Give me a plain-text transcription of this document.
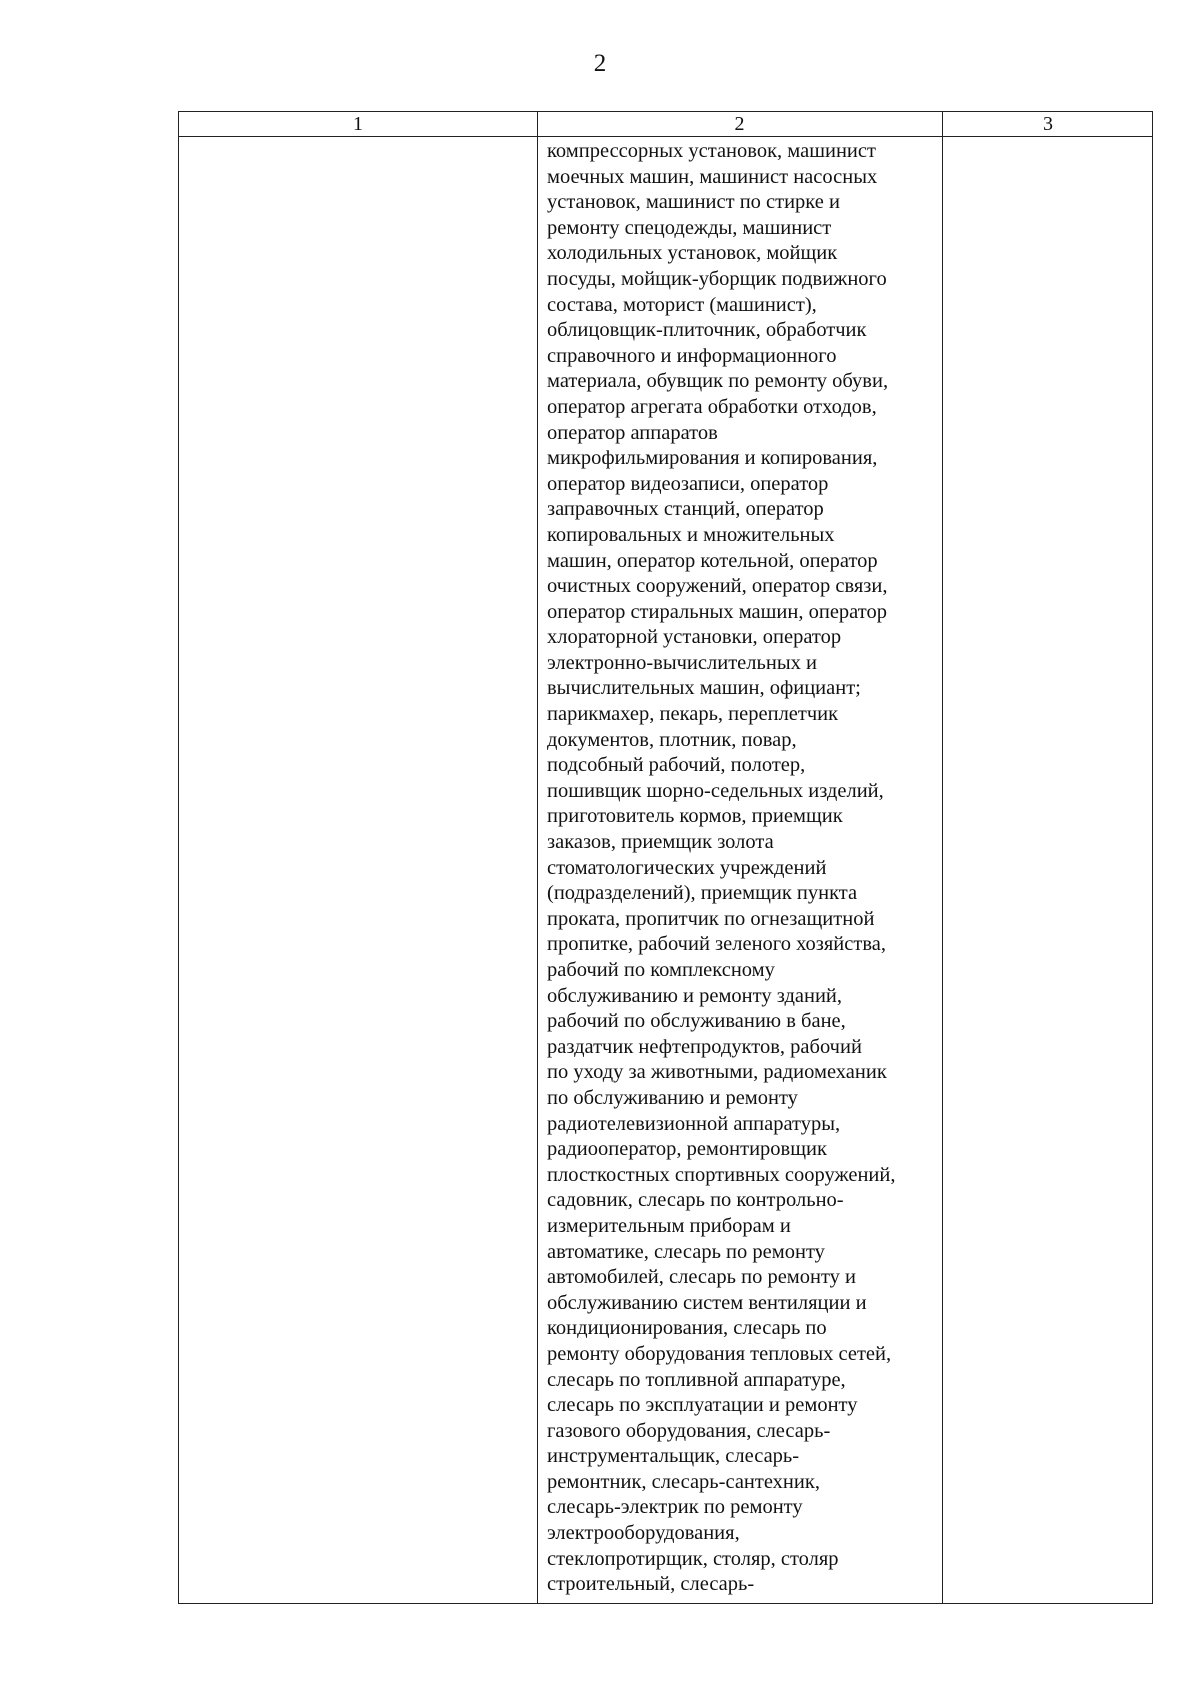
2
1	2	3
компрессорных установок, машинист
моечных машин, машинист насосных
установок, машинист по стирке и
ремонту спецодежды, машинист
холодильных установок, мойщик
посуды, мойщик-уборщик подвижного
состава, моторист (машинист),
облицовщик-плиточник, обработчик
справочного и информационного
материала, обувщик по ремонту обуви,
оператор агрегата обработки отходов,
оператор аппаратов
микрофильмирования и копирования,
оператор видеозаписи, оператор
заправочных станций, оператор
копировальных и множительных
машин, оператор котельной, оператор
очистных сооружений, оператор связи,
оператор стиральных машин, оператор
хлораторной установки, оператор
электронно-вычислительных и
вычислительных машин, официант;
парикмахер, пекарь, переплетчик
документов, плотник, повар,
подсобный рабочий, полотер,
пошивщик шорно-седельных изделий,
приготовитель кормов, приемщик
заказов, приемщик золота
стоматологических учреждений
(подразделений), приемщик пункта
проката, пропитчик по огнезащитной
пропитке, рабочий зеленого хозяйства,
рабочий по комплексному
обслуживанию и ремонту зданий,
рабочий по обслуживанию в бане,
раздатчик нефтепродуктов, рабочий
по уходу за животными, радиомеханик
по обслуживанию и ремонту
радиотелевизионной аппаратуры,
радиооператор, ремонтировщик
плосткостных спортивных сооружений,
садовник, слесарь по контрольно-
измерительным приборам и
автоматике, слесарь по ремонту
автомобилей, слесарь по ремонту и
обслуживанию систем вентиляции и
кондиционирования, слесарь по
ремонту оборудования тепловых сетей,
слесарь по топливной аппаратуре,
слесарь по эксплуатации и ремонту
газового оборудования, слесарь-
инструментальщик, слесарь-
ремонтник, слесарь-сантехник,
слесарь-электрик по ремонту
электрооборудования,
стеклопротирщик, столяр, столяр
строительный, слесарь-
